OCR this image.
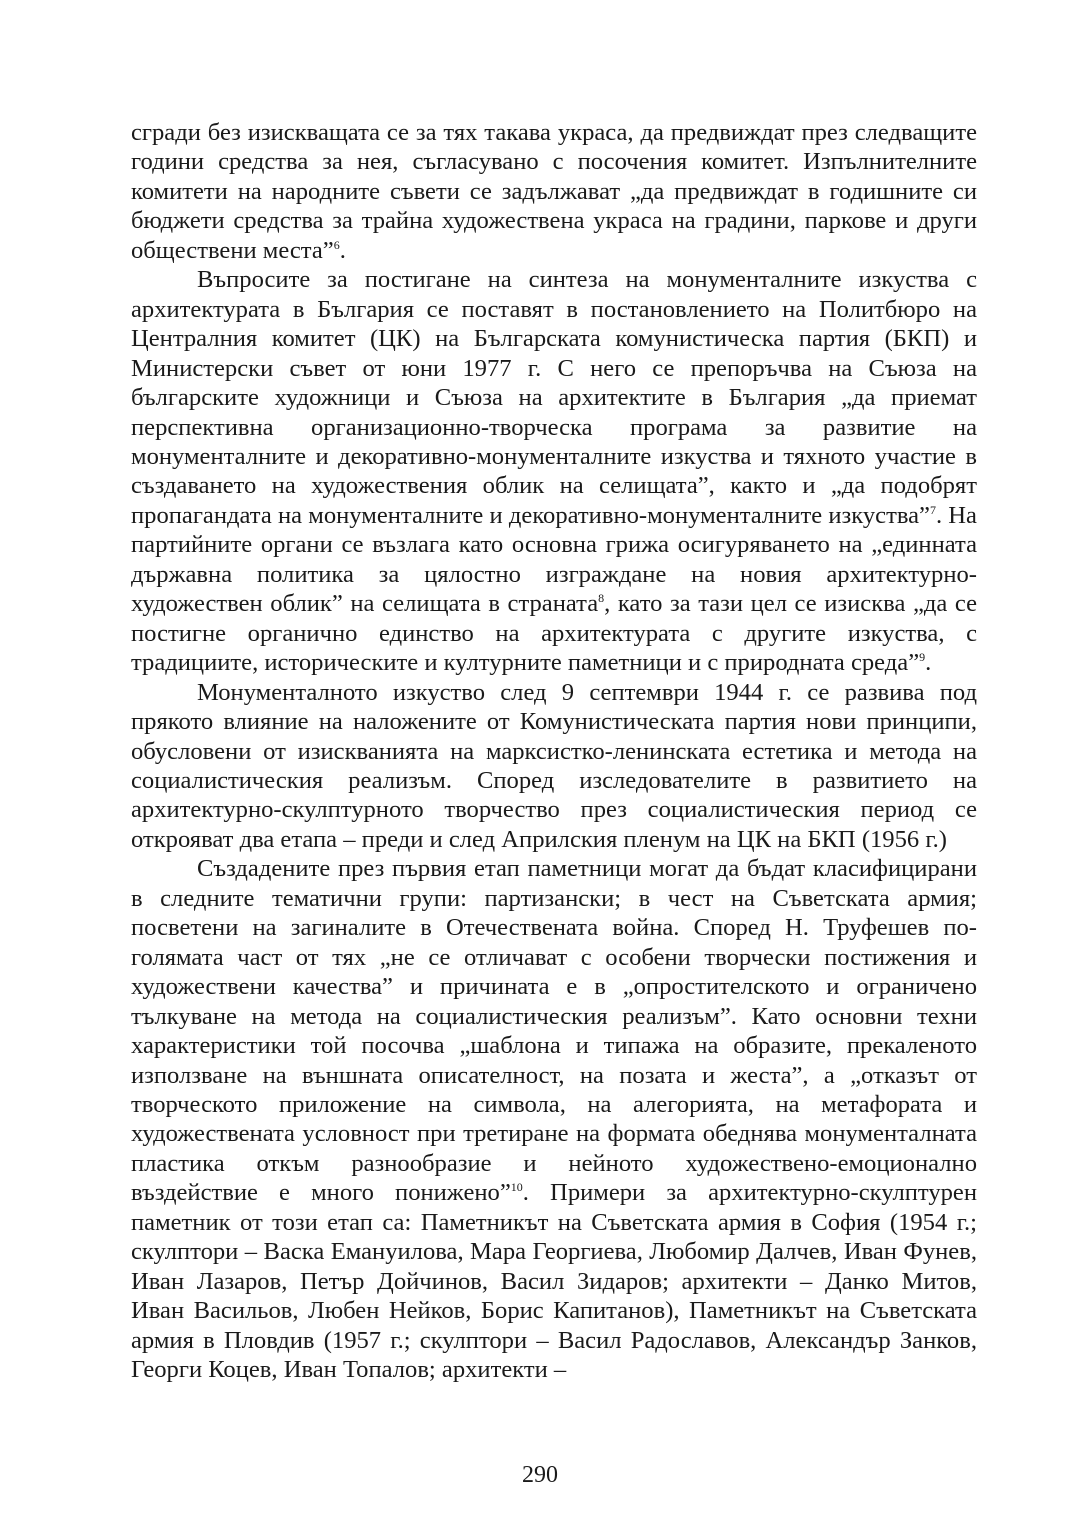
сгради без изискващата се за тях такава украса, да предвиждат през следващите години средства за нея, съгласувано с посочения комитет. Изпълнителните комитети на народните съвети се задължават „да предвиждат в годишните си бюджети средства за трайна художествена украса на градини, паркове и други обществени места”$^6$.

Въпросите за постигане на синтеза на монументалните изкуства с архитектурата в България се поставят в постановлението на Политбюро на Централния комитет (ЦК) на Българската комунистическа партия (БКП) и Министерски съвет от юни 1977 г. С него се препоръчва на Съюза на българските художници и Съюза на архитектите в България „да приемат перспективна организационно-творческа програма за развитие на монументалните и декоративно-монументалните изкуства и тяхното участие в създаването на художествения облик на селищата”, както и „да подобрят пропагандата на монументалните и декоративно-монументалните изкуства”$^7$. На партийните органи се възлага като основна грижа осигуряването на „единната държавна политика за цялостно изграждане на новия архитектурно-художествен облик” на селищата в страната$^8$, като за тази цел се изисква „да се постигне органично единство на архитектурата с другите изкуства, с традициите, историческите и културните паметници и с природната среда”$^9$.

Монументалното изкуство след 9 септември 1944 г. се развива под прякото влияние на наложените от Комунистическата партия нови принципи, обусловени от изискванията на марксистко-ленинската естетика и метода на социалистическия реализъм. Според изследователите в развитието на архитектурно-скулптурното творчество през социалистическия период се открояват два етапа – преди и след Априлския пленум на ЦК на БКП (1956 г.)

Създадените през първия етап паметници могат да бъдат класифицирани в следните тематични групи: партизански; в чест на Съветската армия; посветени на загиналите в Отечествената война. Според Н. Труфешев по-голямата част от тях „не се отличават с особени творчески постижения и художествени качества” и причината е в „опростителското и ограничено тълкуване на метода на социалистическия реализъм”. Като основни техни характеристики той посочва „шаблона и типажа на образите, прекаленото използване на външната описателност, на позата и жеста”, а „отказът от творческото приложение на символа, на алегорията, на метафората и художествената условност при третиране на формата обеднява монументалната пластика откъм разнообразие и нейното художествено-емоционално въздействие е много понижено”$^{10}$. Примери за архитектурно-скулптурен паметник от този етап са: Паметникът на Съветската армия в София (1954 г.; скулптори – Васка Емануилова, Мара Георгиева, Любомир Далчев, Иван Фунев, Иван Лазаров, Петър Дойчинов, Васил Зидаров; архитекти – Данко Митов, Иван Васильов, Любен Нейков, Борис Капитанов), Паметникът на Съветската армия в Пловдив (1957 г.; скулптори – Васил Радославов, Александър Занков, Георги Коцев, Иван Топалов; архитекти –

290
